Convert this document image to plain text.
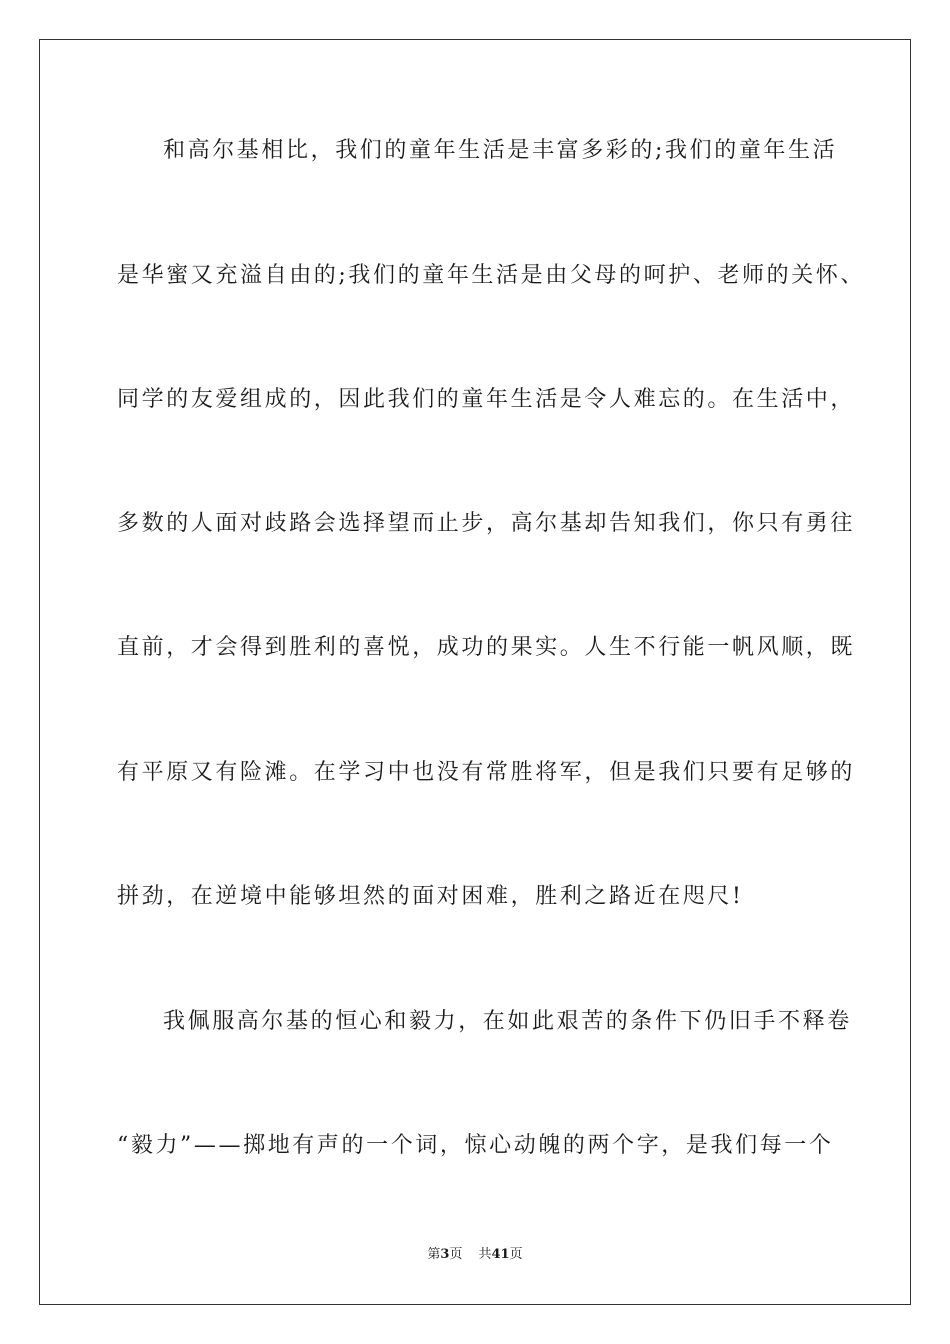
和高尔基相比，我们的童年生活是丰富多彩的;我们的童年生活
是华蜜又充溢自由的;我们的童年生活是由父母的呵护、老师的关怀、
同学的友爱组成的，因此我们的童年生活是令人难忘的。在生活中，
多数的人面对歧路会选择望而止步，高尔基却告知我们，你只有勇往
直前，才会得到胜利的喜悦，成功的果实。人生不行能一帆风顺，既
有平原又有险滩。在学习中也没有常胜将军，但是我们只要有足够的
拼劲，在逆境中能够坦然的面对困难，胜利之路近在咫尺!
我佩服高尔基的恒心和毅力，在如此艰苦的条件下仍旧手不释卷
“毅力”——掷地有声的一个词，惊心动魄的两个字，是我们每一个
第3页 共41页
